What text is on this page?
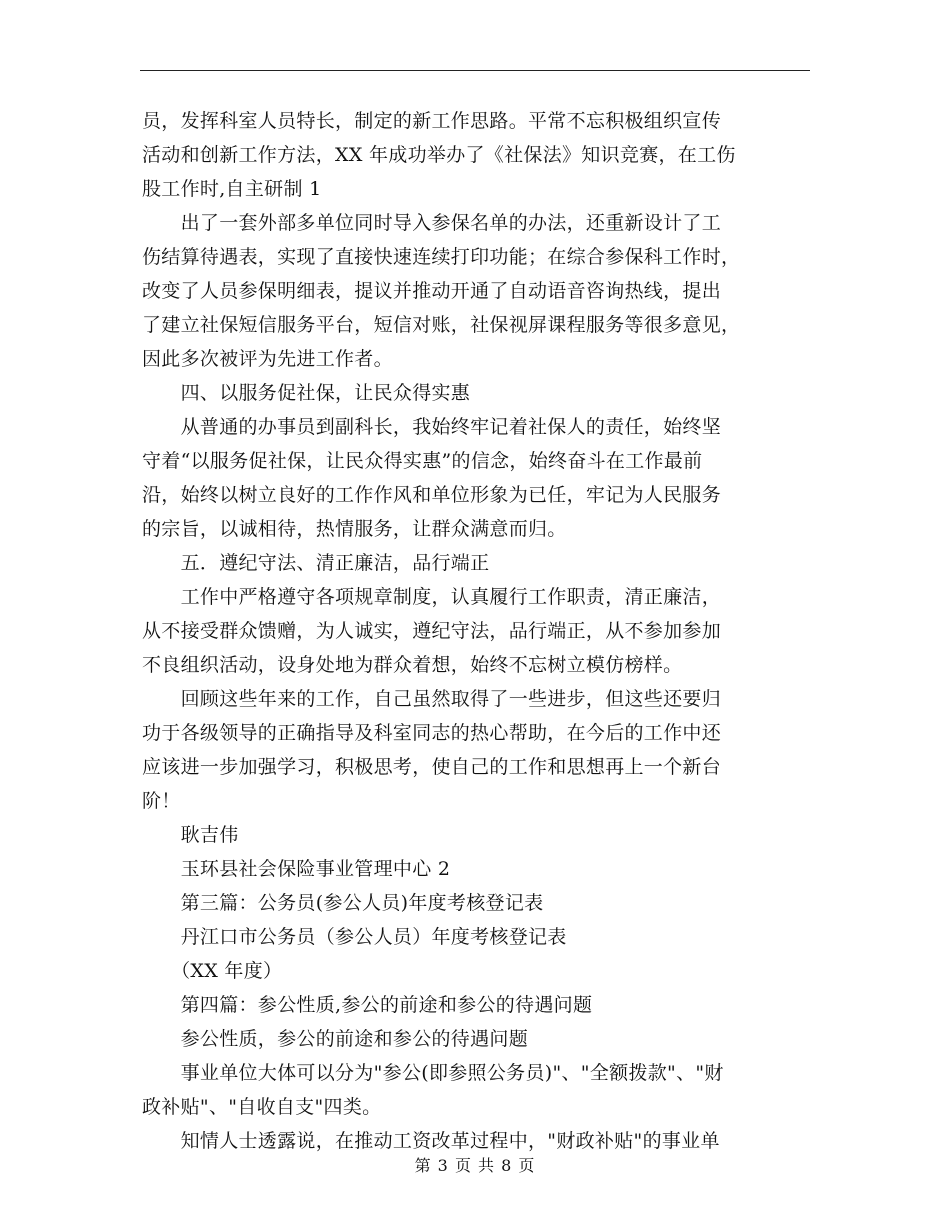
员，发挥科室人员特长，制定的新工作思路。平常不忘积极组织宣传
活动和创新工作方法，XX 年成功举办了《社保法》知识竞赛，在工伤
股工作时,自主研制 1
　　出了一套外部多单位同时导入参保名单的办法，还重新设计了工
伤结算待遇表，实现了直接快速连续打印功能；在综合参保科工作时，
改变了人员参保明细表，提议并推动开通了自动语音咨询热线，提出
了建立社保短信服务平台，短信对账，社保视屏课程服务等很多意见，
因此多次被评为先进工作者。
　　四、以服务促社保，让民众得实惠
　　从普通的办事员到副科长，我始终牢记着社保人的责任，始终坚
守着“以服务促社保，让民众得实惠”的信念，始终奋斗在工作最前
沿，始终以树立良好的工作作风和单位形象为已任，牢记为人民服务
的宗旨，以诚相待，热情服务，让群众满意而归。
　　五．遵纪守法、清正廉洁，品行端正
　　工作中严格遵守各项规章制度，认真履行工作职责，清正廉洁，
从不接受群众馈赠，为人诚实，遵纪守法，品行端正，从不参加参加
不良组织活动，设身处地为群众着想，始终不忘树立模仿榜样。
　　回顾这些年来的工作，自己虽然取得了一些进步，但这些还要归
功于各级领导的正确指导及科室同志的热心帮助，在今后的工作中还
应该进一步加强学习，积极思考，使自己的工作和思想再上一个新台
阶！
　　耿吉伟
　　玉环县社会保险事业管理中心 2
　　第三篇：公务员(参公人员)年度考核登记表
　　丹江口市公务员（参公人员）年度考核登记表
　　（XX 年度）
　　第四篇：参公性质,参公的前途和参公的待遇问题
　　参公性质，参公的前途和参公的待遇问题
　　事业单位大体可以分为"参公(即参照公务员)"、"全额拨款"、"财
政补贴"、"自收自支"四类。
　　知情人士透露说，在推动工资改革过程中，"财政补贴"的事业单
第 3 页 共 8 页
